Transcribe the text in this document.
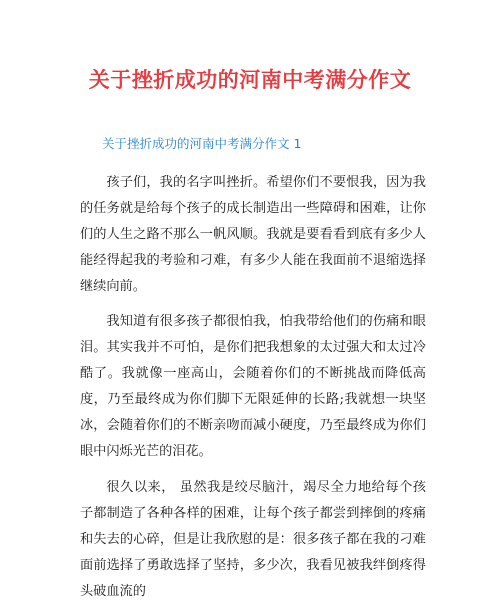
关于挫折成功的河南中考满分作文
关于挫折成功的河南中考满分作文 1

孩子们，我的名字叫挫折。希望你们不要恨我，因为我的任务就是给每个孩子的成长制造出一些障碍和困难，让你们的人生之路不那么一帆风顺。我就是要看看到底有多少人能经得起我的考验和刁难，有多少人能在我面前不退缩选择继续向前。

我知道有很多孩子都很怕我，怕我带给他们的伤痛和眼泪。其实我并不可怕，是你们把我想象的太过强大和太过冷酷了。我就像一座高山，会随着你们的不断挑战而降低高度，乃至最终成为你们脚下无限延伸的长路;我就想一块坚冰，会随着你们的不断亲吻而减小硬度，乃至最终成为你们眼中闪烁光芒的泪花。

很久以来， 虽然我是绞尽脑汁，竭尽全力地给每个孩子都制造了各种各样的困难，让每个孩子都尝到摔倒的疼痛和失去的心碎，但是让我欣慰的是：很多孩子都在我的刁难面前选择了勇敢选择了坚持，多少次，我看见被我绊倒疼得头破血流的
